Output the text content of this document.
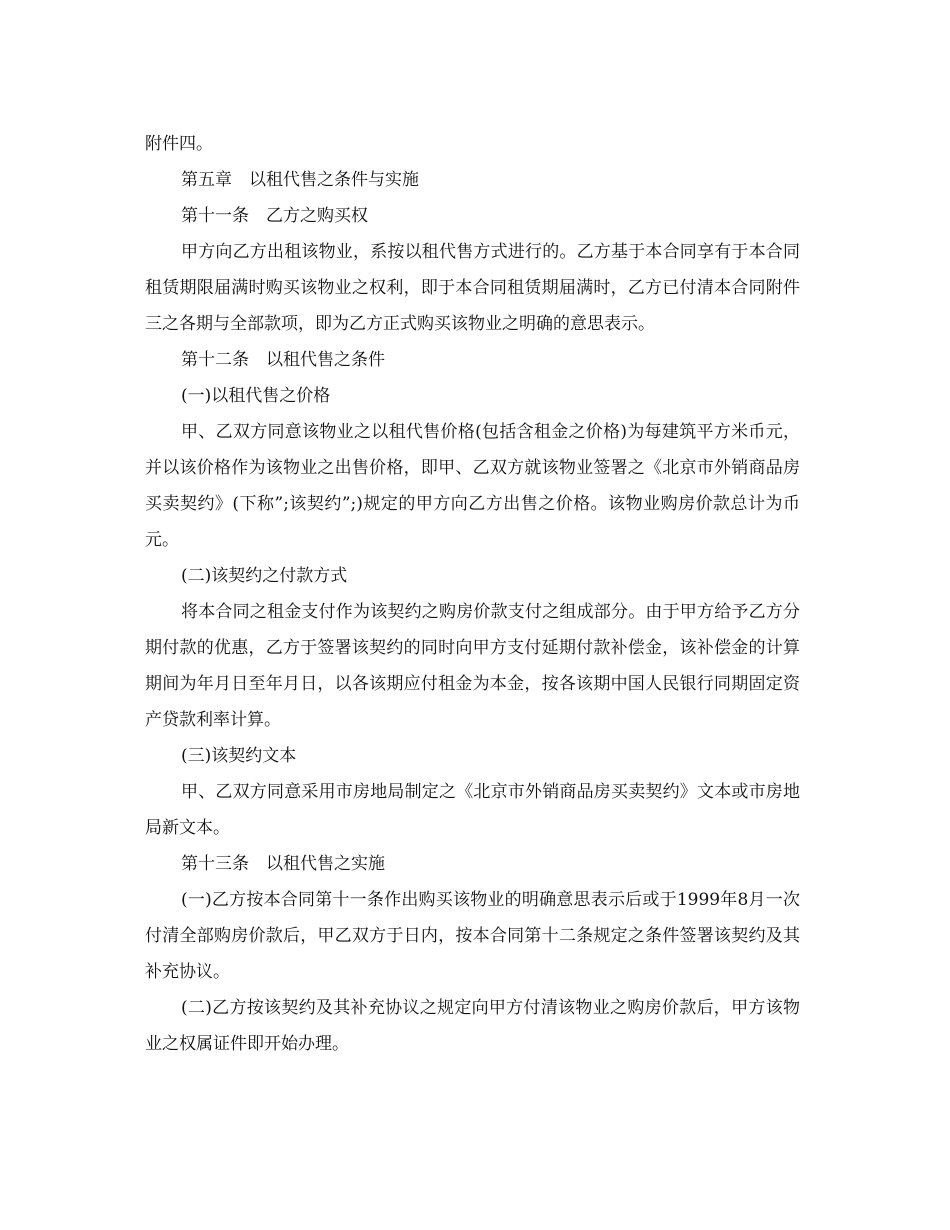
附件四。

第五章　以租代售之条件与实施

第十一条　乙方之购买权

甲方向乙方出租该物业，系按以租代售方式进行的。乙方基于本合同享有于本合同租赁期限届满时购买该物业之权利，即于本合同租赁期届满时，乙方已付清本合同附件三之各期与全部款项，即为乙方正式购买该物业之明确的意思表示。

第十二条　以租代售之条件

(一)以租代售之价格

甲、乙双方同意该物业之以租代售价格(包括含租金之价格)为每建筑平方米币元，并以该价格作为该物业之出售价格，即甲、乙双方就该物业签署之《北京市外销商品房买卖契约》(下称”;该契约”;)规定的甲方向乙方出售之价格。该物业购房价款总计为币元。

(二)该契约之付款方式

将本合同之租金支付作为该契约之购房价款支付之组成部分。由于甲方给予乙方分期付款的优惠，乙方于签署该契约的同时向甲方支付延期付款补偿金，该补偿金的计算期间为年月日至年月日，以各该期应付租金为本金，按各该期中国人民银行同期固定资产贷款利率计算。

(三)该契约文本

甲、乙双方同意采用市房地局制定之《北京市外销商品房买卖契约》文本或市房地局新文本。

第十三条　以租代售之实施

(一)乙方按本合同第十一条作出购买该物业的明确意思表示后或于1999年8月一次付清全部购房价款后，甲乙双方于日内，按本合同第十二条规定之条件签署该契约及其补充协议。

(二)乙方按该契约及其补充协议之规定向甲方付清该物业之购房价款后，甲方该物业之权属证件即开始办理。
